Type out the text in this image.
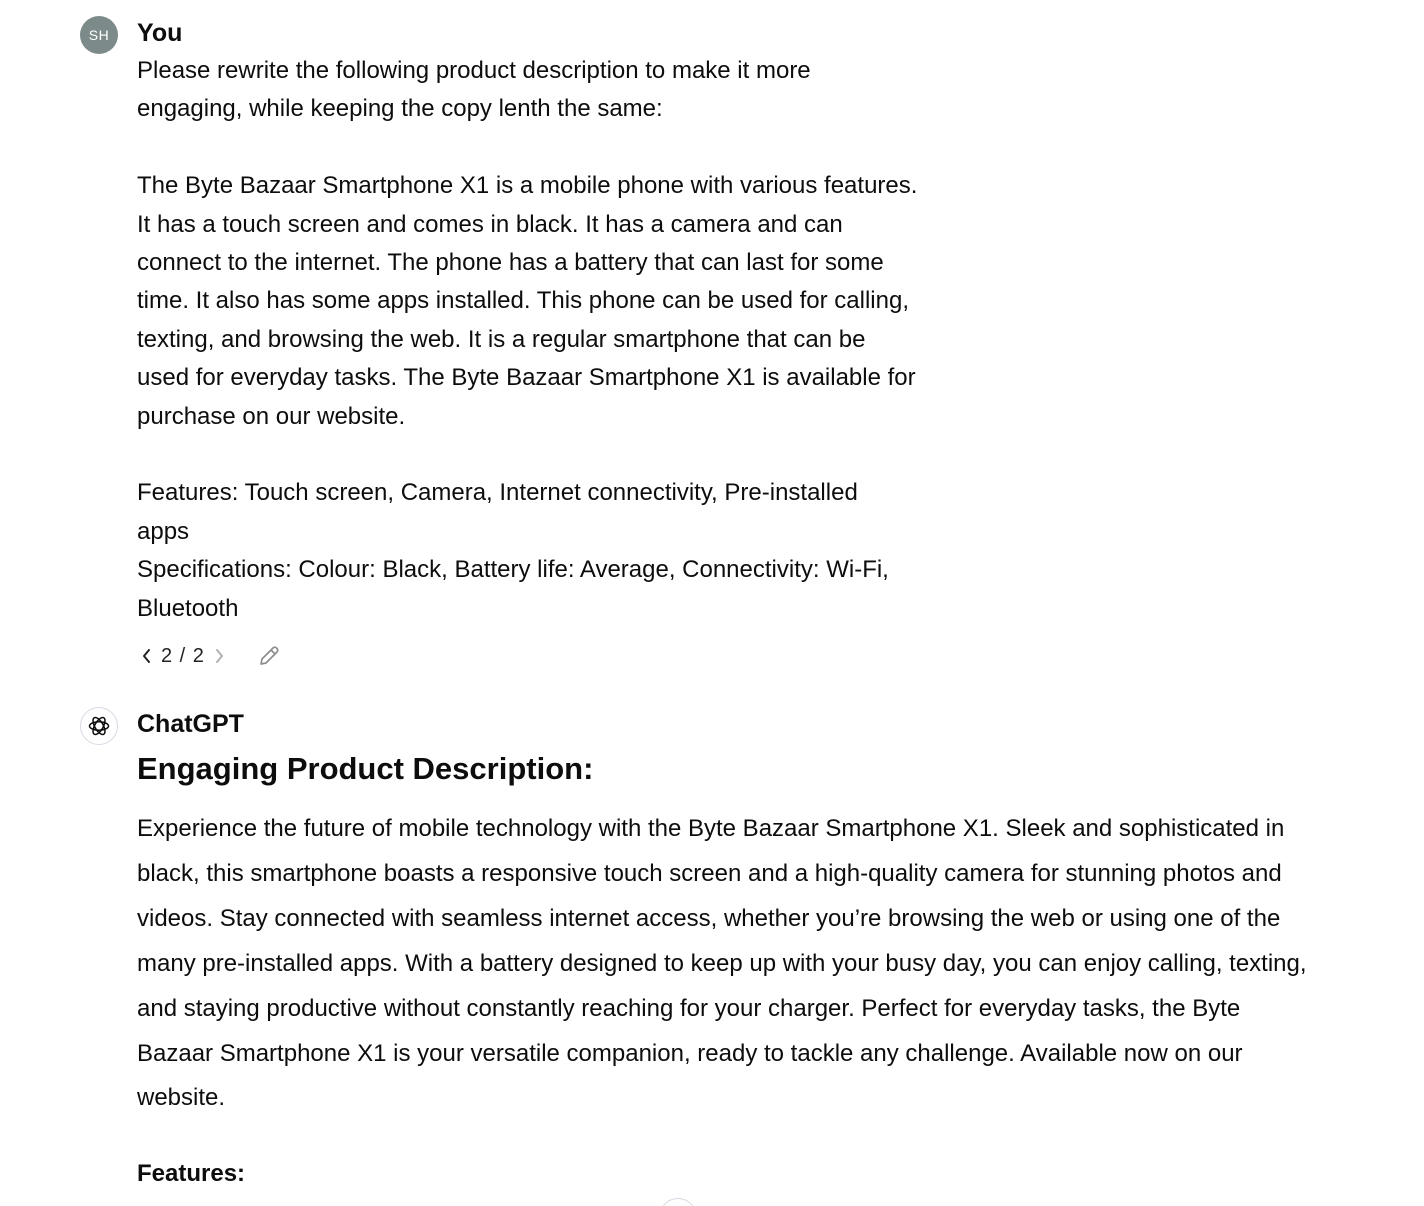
SH	You

Please rewrite the following product description to make it more
engaging, while keeping the copy lenth the same:

The Byte Bazaar Smartphone X1 is a mobile phone with various features.
It has a touch screen and comes in black. It has a camera and can
connect to the internet. The phone has a battery that can last for some
time. It also has some apps installed. This phone can be used for calling,
texting, and browsing the web. It is a regular smartphone that can be
used for everyday tasks. The Byte Bazaar Smartphone X1 is available for
purchase on our website.

Features: Touch screen, Camera, Internet connectivity, Pre-installed
apps
Specifications: Colour: Black, Battery life: Average, Connectivity: Wi-Fi,
Bluetooth

2 / 2
ChatGPT
Engaging Product Description:

Experience the future of mobile technology with the Byte Bazaar Smartphone X1. Sleek and sophisticated in black, this smartphone boasts a responsive touch screen and a high-quality camera for stunning photos and videos. Stay connected with seamless internet access, whether you’re browsing the web or using one of the many pre-installed apps. With a battery designed to keep up with your busy day, you can enjoy calling, texting, and staying productive without constantly reaching for your charger. Perfect for everyday tasks, the Byte Bazaar Smartphone X1 is your versatile companion, ready to tackle any challenge. Available now on our website.

Features:
